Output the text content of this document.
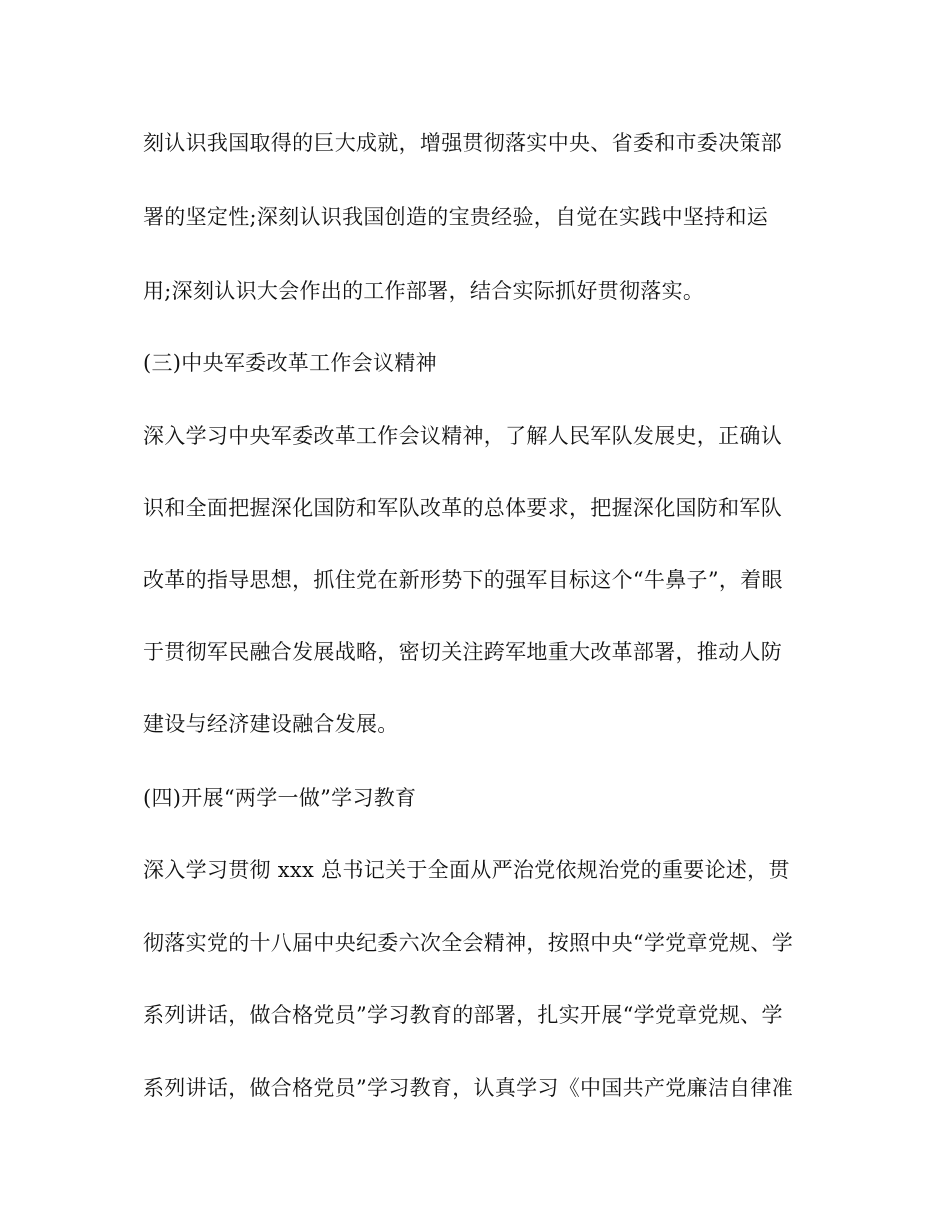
刻认识我国取得的巨大成就，增强贯彻落实中央、省委和市委决策部
署的坚定性;深刻认识我国创造的宝贵经验，自觉在实践中坚持和运
用;深刻认识大会作出的工作部署，结合实际抓好贯彻落实。
(三)中央军委改革工作会议精神
深入学习中央军委改革工作会议精神，了解人民军队发展史，正确认
识和全面把握深化国防和军队改革的总体要求，把握深化国防和军队
改革的指导思想，抓住党在新形势下的强军目标这个“牛鼻子”，着眼
于贯彻军民融合发展战略，密切关注跨军地重大改革部署，推动人防
建设与经济建设融合发展。
(四)开展“两学一做”学习教育
深入学习贯彻 xxx 总书记关于全面从严治党依规治党的重要论述，贯
彻落实党的十八届中央纪委六次全会精神，按照中央“学党章党规、学
系列讲话，做合格党员”学习教育的部署，扎实开展“学党章党规、学
系列讲话，做合格党员”学习教育，认真学习《中国共产党廉洁自律准
